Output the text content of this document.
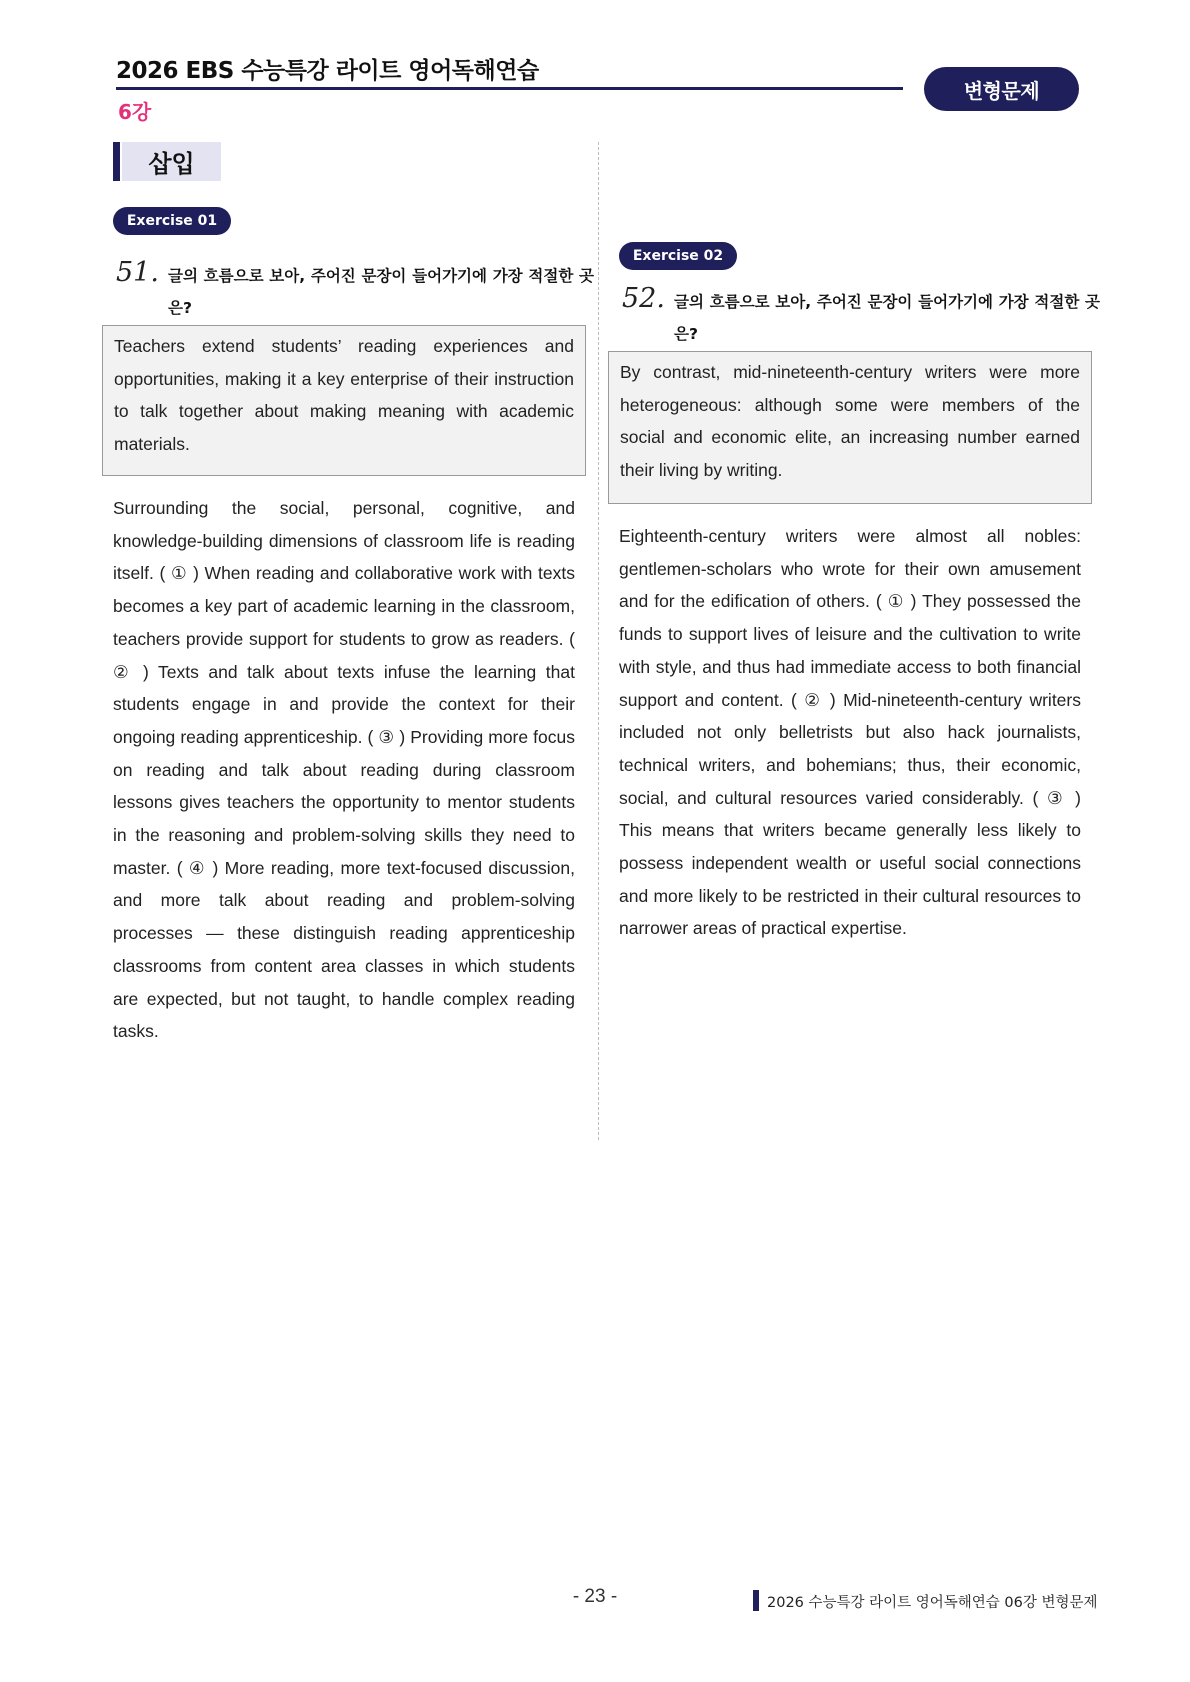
2026 EBS 수능특강 라이트 영어독해연습
6강
변형문제
삽입
Exercise 01
51. 글의 흐름으로 보아, 주어진 문장이 들어가기에 가장 적절한 곳은?
Teachers extend students’ reading experiences and opportunities, making it a key enterprise of their instruction to talk together about making meaning with academic materials.
Surrounding the social, personal, cognitive, and knowledge-building dimensions of classroom life is reading itself. ( ① ) When reading and collaborative work with texts becomes a key part of academic learning in the classroom, teachers provide support for students to grow as readers. ( ② ) Texts and talk about texts infuse the learning that students engage in and provide the context for their ongoing reading apprenticeship. ( ③ ) Providing more focus on reading and talk about reading during classroom lessons gives teachers the opportunity to mentor students in the reasoning and problem-solving skills they need to master. ( ④ ) More reading, more text-focused discussion, and more talk about reading and problem-solving processes — these distinguish reading apprenticeship classrooms from content area classes in which students are expected, but not taught, to handle complex reading tasks.
Exercise 02
52. 글의 흐름으로 보아, 주어진 문장이 들어가기에 가장 적절한 곳은?
By contrast, mid-nineteenth-century writers were more heterogeneous: although some were members of the social and economic elite, an increasing number earned their living by writing.
Eighteenth-century writers were almost all nobles: gentlemen-scholars who wrote for their own amusement and for the edification of others. ( ① ) They possessed the funds to support lives of leisure and the cultivation to write with style, and thus had immediate access to both financial support and content. ( ② ) Mid-nineteenth-century writers included not only belletrists but also hack journalists, technical writers, and bohemians; thus, their economic, social, and cultural resources varied considerably. ( ③ ) This means that writers became generally less likely to possess independent wealth or useful social connections and more likely to be restricted in their cultural resources to narrower areas of practical expertise.
- 23 -	2026 수능특강 라이트 영어독해연습 06강 변형문제
